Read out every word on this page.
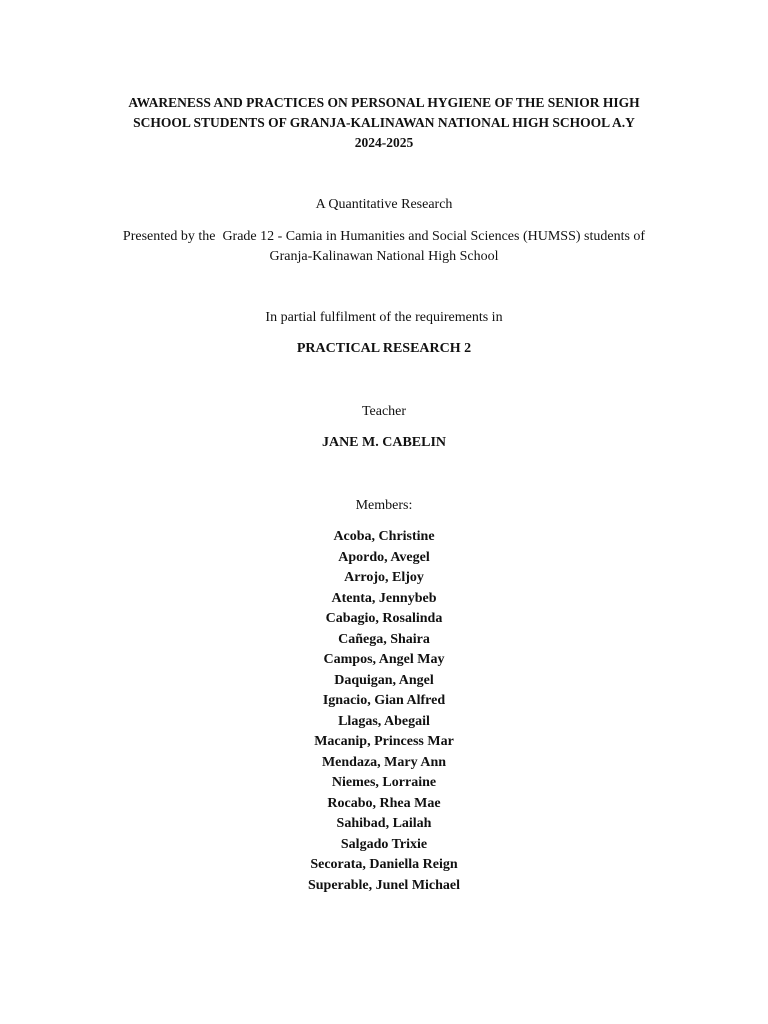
AWARENESS AND PRACTICES ON PERSONAL HYGIENE OF THE SENIOR HIGH
SCHOOL STUDENTS OF GRANJA-KALINAWAN NATIONAL HIGH SCHOOL A.Y
2024-2025
A Quantitative Research
Presented by the  Grade 12 - Camia in Humanities and Social Sciences (HUMSS) students of
Granja-Kalinawan National High School
In partial fulfilment of the requirements in
PRACTICAL RESEARCH 2
Teacher
JANE M. CABELIN
Members:
Acoba, Christine
Apordo, Avegel
Arrojo, Eljoy
Atenta, Jennybeb
Cabagio, Rosalinda
Cañega, Shaira
Campos, Angel May
Daquigan, Angel
Ignacio, Gian Alfred
Llagas, Abegail
Macanip, Princess Mar
Mendaza, Mary Ann
Niemes, Lorraine
Rocabo, Rhea Mae
Sahibad, Lailah
Salgado Trixie
Secorata, Daniella Reign
Superable, Junel Michael
